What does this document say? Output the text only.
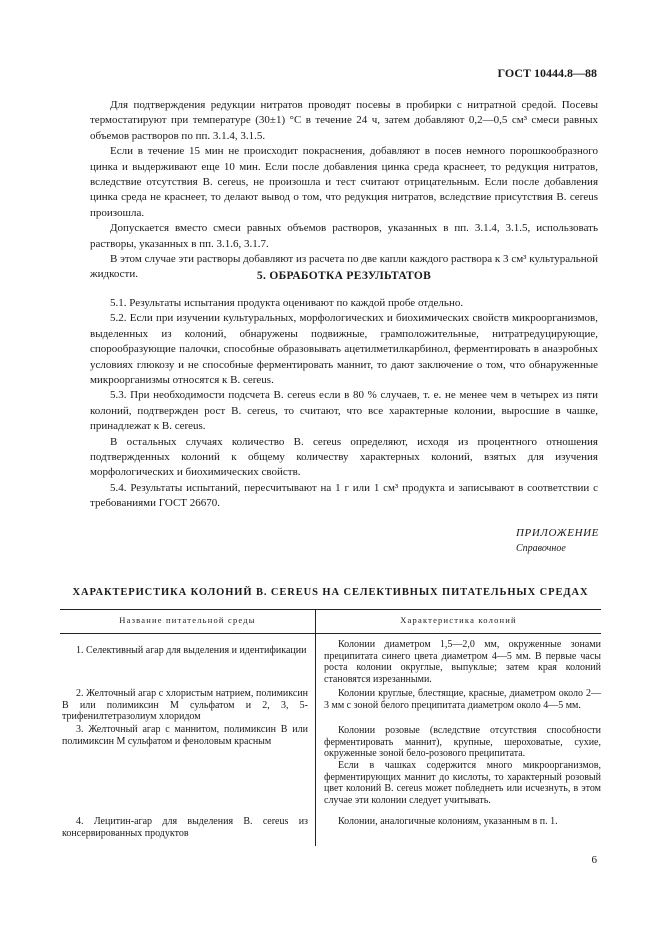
ГОСТ 10444.8—88

Для подтверждения редукции нитратов проводят посевы в пробирки с нитратной средой. Посевы термостатируют при температуре (30±1) °С в течение 24 ч, затем добавляют 0,2—0,5 см³ смеси равных объемов растворов по пп. 3.1.4, 3.1.5.

Если в течение 15 мин не происходит покраснения, добавляют в посев немного порошкообразного цинка и выдерживают еще 10 мин. Если после добавления цинка среда краснеет, то редукция нитратов, вследствие отсутствия B. cereus, не произошла и тест считают отрицательным. Если после добавления цинка среда не краснеет, то делают вывод о том, что редукция нитратов, вследствие присутствия B. cereus произошла.

Допускается вместо смеси равных объемов растворов, указанных в пп. 3.1.4, 3.1.5, использовать растворы, указанных в пп. 3.1.6, 3.1.7.

В этом случае эти растворы добавляют из расчета по две капли каждого раствора к 3 см³ культуральной жидкости.	5. ОБРАБОТКА РЕЗУЛЬТАТОВ

5.1. Результаты испытания продукта оценивают по каждой пробе отдельно.

5.2. Если при изучении культуральных, морфологических и биохимических свойств микроорганизмов, выделенных из колоний, обнаружены подвижные, грамположительные, нитратредуцирующие, спорообразующие палочки, способные образовывать ацетилметилкарбинол, ферментировать в анаэробных условиях глюкозу и не способные ферментировать маннит, то дают заключение о том, что обнаруженные микроорганизмы относятся к B. cereus.

5.3. При необходимости подсчета B. cereus если в 80 % случаев, т. е. не менее чем в четырех из пяти колоний, подтвержден рост B. cereus, то считают, что все характерные колонии, выросшие в чашке, принадлежат к B. cereus.

В остальных случаях количество B. cereus определяют, исходя из процентного отношения подтвержденных колоний к общему количеству характерных колоний, взятых для изучения морфологических и биохимических свойств.

5.4. Результаты испытаний, пересчитывают на 1 г или 1 см³ продукта и записывают в соответствии с требованиями ГОСТ 26670.

ПРИЛОЖЕНИЕ
Справочное
ХАРАКТЕРИСТИКА КОЛОНИЙ B. CEREUS НА СЕЛЕКТИВНЫХ ПИТАТЕЛЬНЫХ СРЕДАХ
Название питательной среды	Характеристика колоний
1. Селективный агар для выделения и идентификации
Колонии диаметром 1,5—2,0 мм, окруженные зонами преципитата синего цвета диаметром 4—5 мм. В первые часы роста колонии округлые, выпуклые; затем края колоний становятся изрезанными.
2. Желточный агар с хлористым натрием, полимиксин B или полимиксин M сульфатом и 2, 3, 5-трифенилтетразолиум хлоридом
Колонии круглые, блестящие, красные, диаметром около 2—3 мм с зоной белого преципитата диаметром около 4—5 мм.
3. Желточный агар с маннитом, полимиксин B или полимиксин M сульфатом и феноловым красным
Колонии розовые (вследствие отсутствия способности ферментировать маннит), крупные, шероховатые, сухие, окруженные зоной бело-розового преципитата.
Если в чашках содержится много микроорганизмов, ферментирующих маннит до кислоты, то характерный розовый цвет колоний B. cereus может побледнеть или исчезнуть, в этом случае эти колонии следует учитывать.
4. Лецитин-агар для выделения B. cereus из консервированных продуктов
Колонии, аналогичные колониям, указанным в п. 1.
6
